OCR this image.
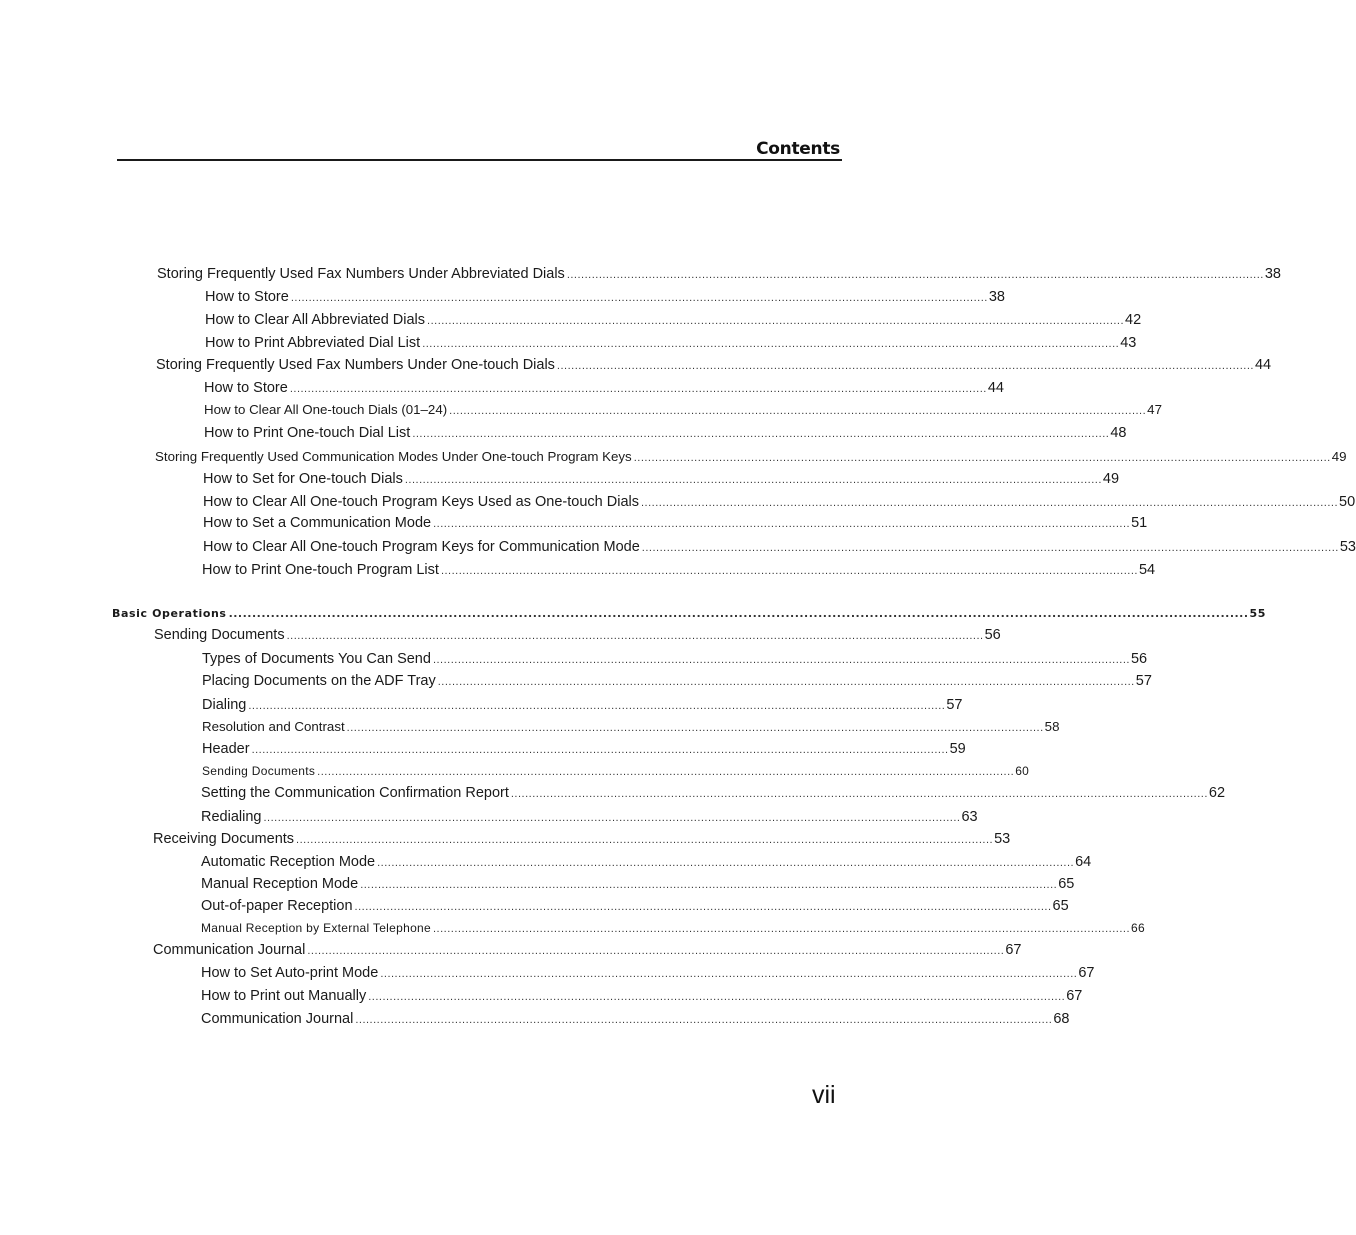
Contents
Storing Frequently Used Fax Numbers Under Abbreviated Dials .................................................................................................................................................................................................... 38
How to Store .................................................................................................................................................................................................... 38
How to Clear All Abbreviated Dials .................................................................................................................................................................................................... 42
How to Print Abbreviated Dial List .................................................................................................................................................................................................... 43
Storing Frequently Used Fax Numbers Under One-touch Dials .................................................................................................................................................................................................... 44
How to Store .................................................................................................................................................................................................... 44
How to Clear All One-touch Dials (01–24) .................................................................................................................................................................................................... 47
How to Print One-touch Dial List .................................................................................................................................................................................................... 48
Storing Frequently Used Communication Modes Under One-touch Program Keys .................................................................................................................................................................................................... 49
How to Set for One-touch Dials .................................................................................................................................................................................................... 49
How to Clear All One-touch Program Keys Used as One-touch Dials .................................................................................................................................................................................................... 50
How to Set a Communication Mode .................................................................................................................................................................................................... 51
How to Clear All One-touch Program Keys for Communication Mode .................................................................................................................................................................................................... 53
How to Print One-touch Program List .................................................................................................................................................................................................... 54
Basic Operations .......................................................................................................................................................................................................................... 55
Sending Documents .................................................................................................................................................................................................... 56
Types of Documents You Can Send .................................................................................................................................................................................................... 56
Placing Documents on the ADF Tray .................................................................................................................................................................................................... 57
Dialing .................................................................................................................................................................................................... 57
Resolution and Contrast .................................................................................................................................................................................................... 58
Header .................................................................................................................................................................................................... 59
Sending Documents .................................................................................................................................................................................................... 60
Setting the Communication Confirmation Report .................................................................................................................................................................................................... 62
Redialing .................................................................................................................................................................................................... 63
Receiving Documents .................................................................................................................................................................................................... 53
Automatic Reception Mode .................................................................................................................................................................................................... 64
Manual Reception Mode .................................................................................................................................................................................................... 65
Out-of-paper Reception .................................................................................................................................................................................................... 65
Manual Reception by External Telephone .................................................................................................................................................................................................... 66
Communication Journal .................................................................................................................................................................................................... 67
How to Set Auto-print Mode .................................................................................................................................................................................................... 67
How to Print out Manually .................................................................................................................................................................................................... 67
Communication Journal .................................................................................................................................................................................................... 68
vii
